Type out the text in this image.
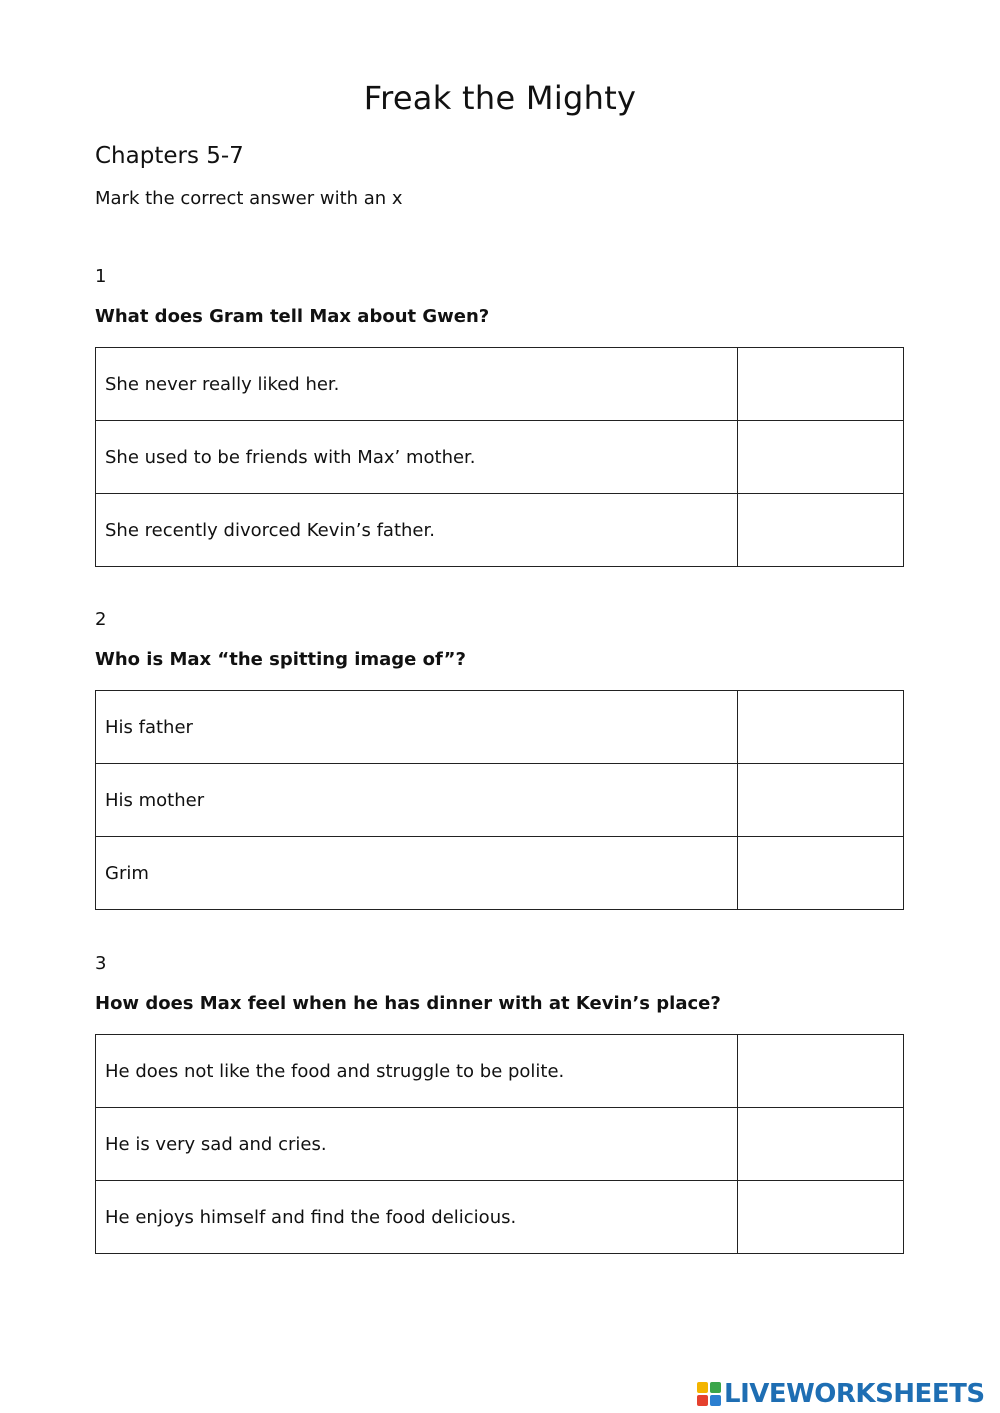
Freak the Mighty
Chapters 5-7
Mark the correct answer with an x
1
What does Gram tell Max about Gwen?
She never really liked her.	
She used to be friends with Max’ mother.	
She recently divorced Kevin’s father.	
2
Who is Max “the spitting image of”?
His father	
His mother	
Grim	
3
How does Max feel when he has dinner with at Kevin’s place?
He does not like the food and struggle to be polite.	
He is very sad and cries.	
He enjoys himself and find the food delicious.	
LIVEWORKSHEETS
